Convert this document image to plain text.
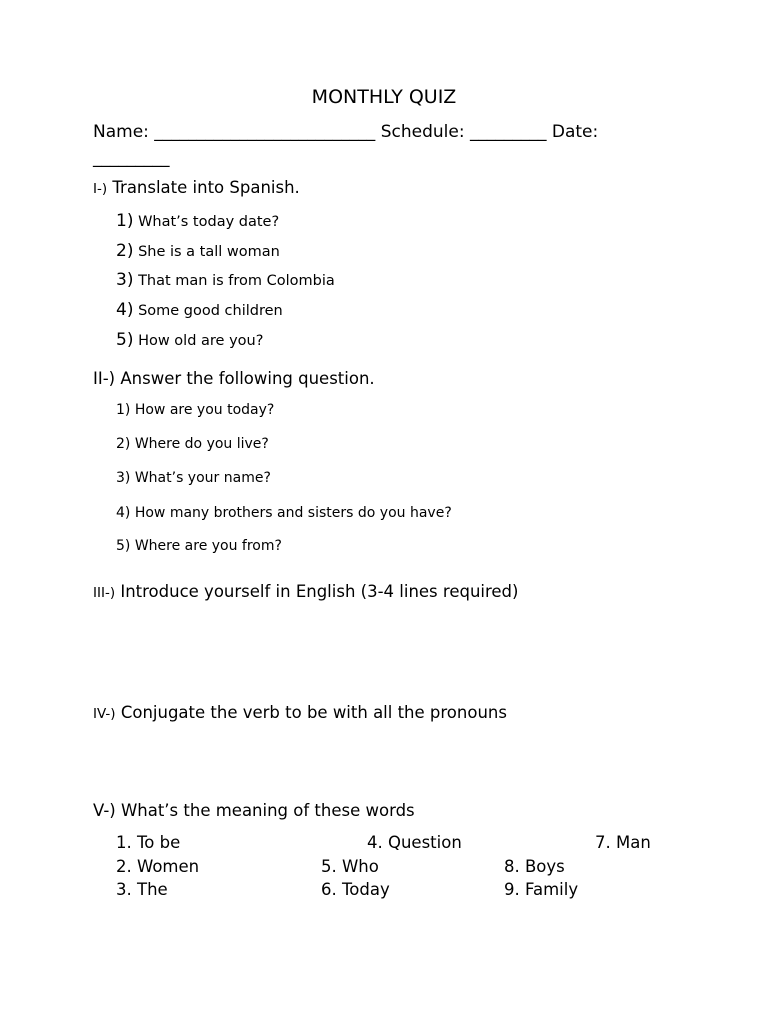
MONTHLY QUIZ
Name: __________________________ Schedule: _________ Date:
_________
I-) Translate into Spanish.
1) What’s today date?
2) She is a tall woman
3) That man is from Colombia
4) Some good children
5) How old are you?
II-) Answer the following question.
1) How are you today?
2) Where do you live?
3) What’s your name?
4) How many brothers and sisters do you have?
5) Where are you from?
III-) Introduce yourself in English (3-4 lines required)
IV-) Conjugate the verb to be with all the pronouns
V-) What’s the meaning of these words
1. To be	4. Question	7. Man
2. Women	5. Who	8. Boys
3. The	6. Today	9. Family
